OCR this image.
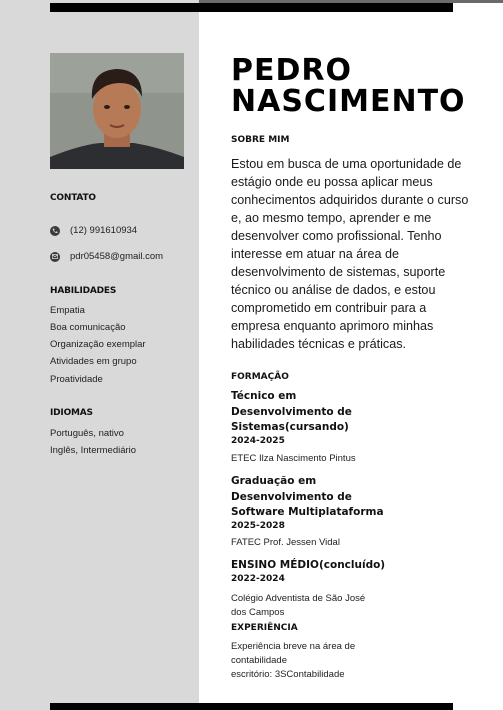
CONTATO
(12) 991610934
pdr05458@gmail.com
HABILIDADES
Empatia
Boa comunicação
Organização exemplar
Atividades em grupo
Proatividade
IDIOMAS
Português, nativo
Inglês, Intermediário
PEDRO
NASCIMENTO
SOBRE MIM
Estou em busca de uma oportunidade de estágio onde eu possa aplicar meus conhecimentos adquiridos durante o curso e, ao mesmo tempo, aprender e me desenvolver como profissional. Tenho interesse em atuar na área de desenvolvimento de sistemas, suporte técnico ou análise de dados, e estou comprometido em contribuir para a empresa enquanto aprimoro minhas habilidades técnicas e práticas.
FORMAÇÃO
Técnico em
Desenvolvimento de
Sistemas(cursando)
2024-2025
ETEC Ilza Nascimento Pintus
Graduação em
Desenvolvimento de
Software Multiplataforma
2025-2028
FATEC Prof. Jessen Vidal
ENSINO MÉDIO(concluído)
2022-2024
Colégio Adventista de São José
dos Campos
EXPERIÊNCIA
Experiência breve na área de
contabilidade
escritório: 3SContabilidade
